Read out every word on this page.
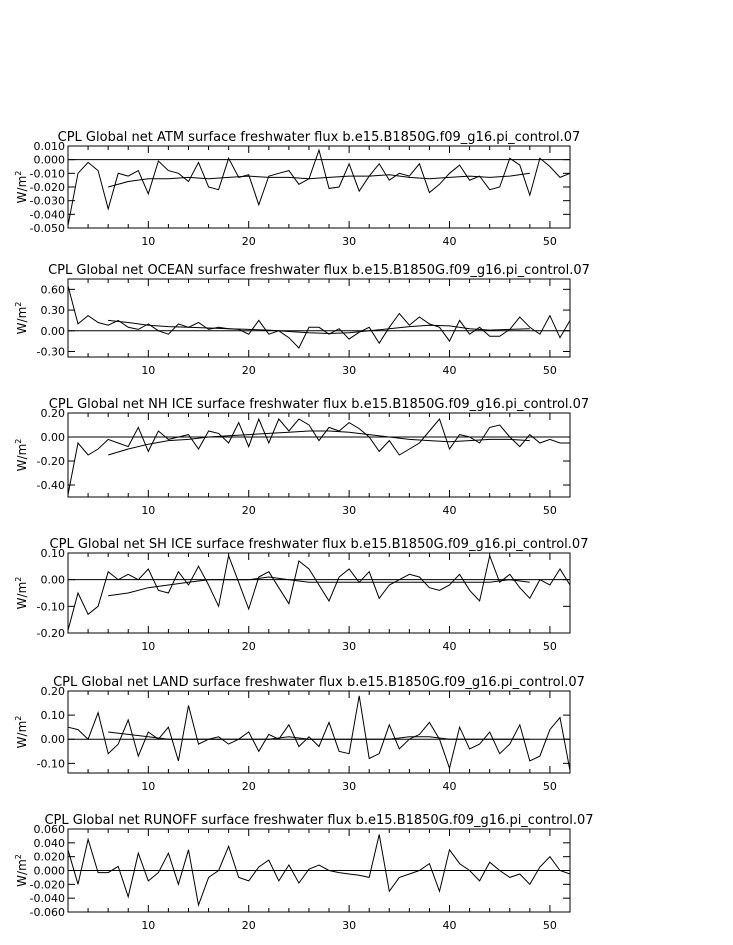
CPL Global net ATM surface freshwater flux b.e15.B1850G.f09_g16.pi_control.07
10	20	30	40	50
-0.050
-0.040
-0.030
-0.020
-0.010
0.000
0.010
$W/m^2$
CPL Global net OCEAN surface freshwater flux b.e15.B1850G.f09_g16.pi_control.07
10	20	30	40	50
-0.30
0.00
0.30
0.60
$W/m^2$
CPL Global net NH ICE surface freshwater flux b.e15.B1850G.f09_g16.pi_control.07
10	20	30	40	50
-0.40
-0.20
0.00
0.20
$W/m^2$
CPL Global net SH ICE surface freshwater flux b.e15.B1850G.f09_g16.pi_control.07
10	20	30	40	50
-0.20
-0.10
0.00
0.10
$W/m^2$
CPL Global net LAND surface freshwater flux b.e15.B1850G.f09_g16.pi_control.07
10	20	30	40	50
-0.10
0.00
0.10
0.20
$W/m^2$
CPL Global net RUNOFF surface freshwater flux b.e15.B1850G.f09_g16.pi_control.07
10	20	30	40	50
-0.060
-0.040
-0.020
0.000
0.020
0.040
0.060
$W/m^2$
